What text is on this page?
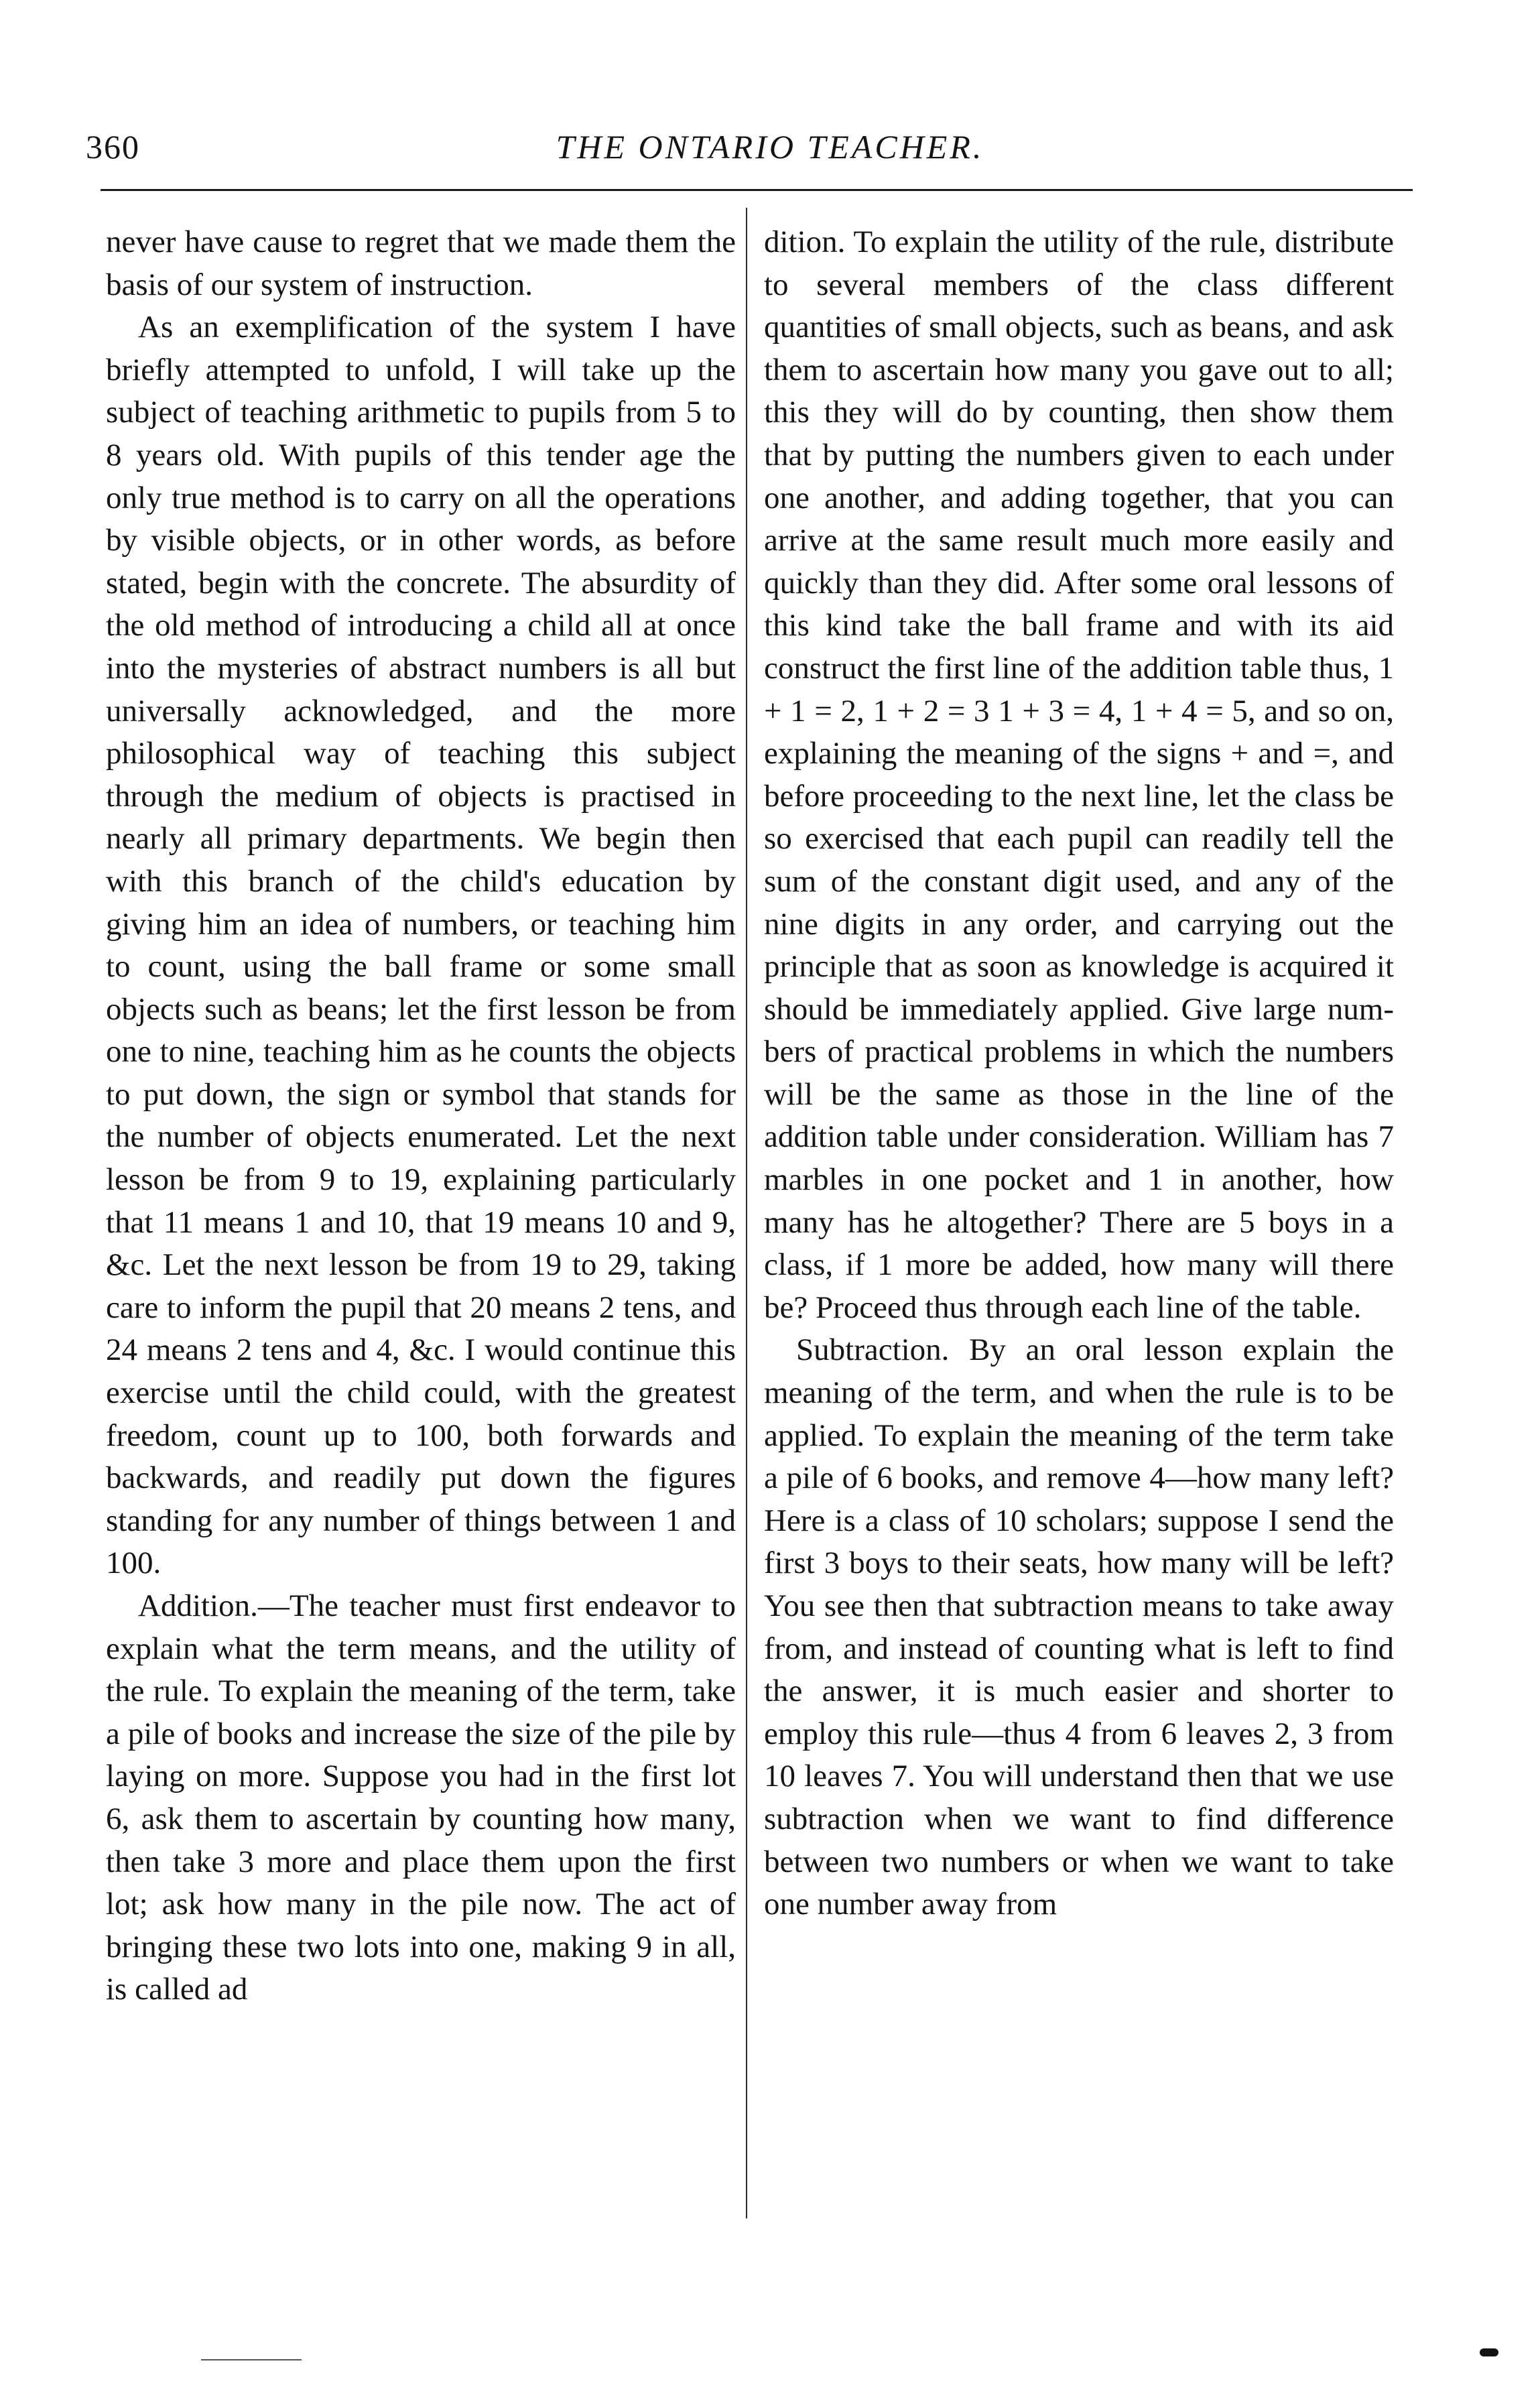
360	THE ONTARIO TEACHER.

never have cause to regret that we made them the basis of our system of instruction.

As an exemplification of the system I have briefly attempted to unfold, I will take up the subject of teaching arithmetic to pupils from 5 to 8 years old. With pupils of this tender age the only true method is to carry on all the operations by visible objects, or in other words, as before stated, begin with the concrete. The absurdity of the old method of introducing a child all at once into the mysteries of abstract numbers is all but universally acknowledged, and the more philosophical way of teaching this subject through the medium of objects is practised in nearly all primary departments. We begin then with this branch of the child's education by giving him an idea of numbers, or teaching him to count, using the ball frame or some small objects such as beans; let the first lesson be from one to nine, teaching him as he counts the objects to put down, the sign or symbol that stands for the number of objects enumerated. Let the next lesson be from 9 to 19, explaining particularly that 11 means 1 and 10, that 19 means 10 and 9, &c. Let the next lesson be from 19 to 29, taking care to inform the pupil that 20 means 2 tens, and 24 means 2 tens and 4, &c. I would continue this exercise until the child could, with the greatest freedom, count up to 100, both forwards and backwards, and readily put down the figures standing for any number of things between 1 and 100.

Addition.—The teacher must first endeavor to explain what the term means, and the utility of the rule. To explain the meaning of the term, take a pile of books and increase the size of the pile by laying on more. Suppose you had in the first lot 6, ask them to ascertain by counting how many, then take 3 more and place them upon the first lot; ask how many in the pile now. The act of bringing these two lots into one, making 9 in all, is called ad

dition. To explain the utility of the rule, distribute to several members of the class different quantities of small objects, such as beans, and ask them to ascertain how many you gave out to all; this they will do by counting, then show them that by putting the numbers given to each under one another, and adding together, that you can arrive at the same result much more easily and quickly than they did. After some oral lessons of this kind take the ball frame and with its aid construct the first line of the addition table thus, 1 + 1 = 2, 1 + 2 = 3 1 + 3 = 4, 1 + 4 = 5, and so on, explaining the meaning of the signs + and =, and before proceeding to the next line, let the class be so exercised that each pupil can readily tell the sum of the constant digit used, and any of the nine digits in any order, and carrying out the principle that as soon as knowledge is acquired it should be immediately applied. Give large numbers of practical problems in which the numbers will be the same as those in the line of the addition table under consideration. William has 7 marbles in one pocket and 1 in another, how many has he altogether? There are 5 boys in a class, if 1 more be added, how many will there be? Proceed thus through each line of the table.

Subtraction. By an oral lesson explain the meaning of the term, and when the rule is to be applied. To explain the meaning of the term take a pile of 6 books, and remove 4—how many left? Here is a class of 10 scholars; suppose I send the first 3 boys to their seats, how many will be left? You see then that subtraction means to take away from, and instead of counting what is left to find the answer, it is much easier and shorter to employ this rule—thus 4 from 6 leaves 2, 3 from 10 leaves 7. You will understand then that we use subtraction when we want to find difference between two numbers or when we want to take one number away from
